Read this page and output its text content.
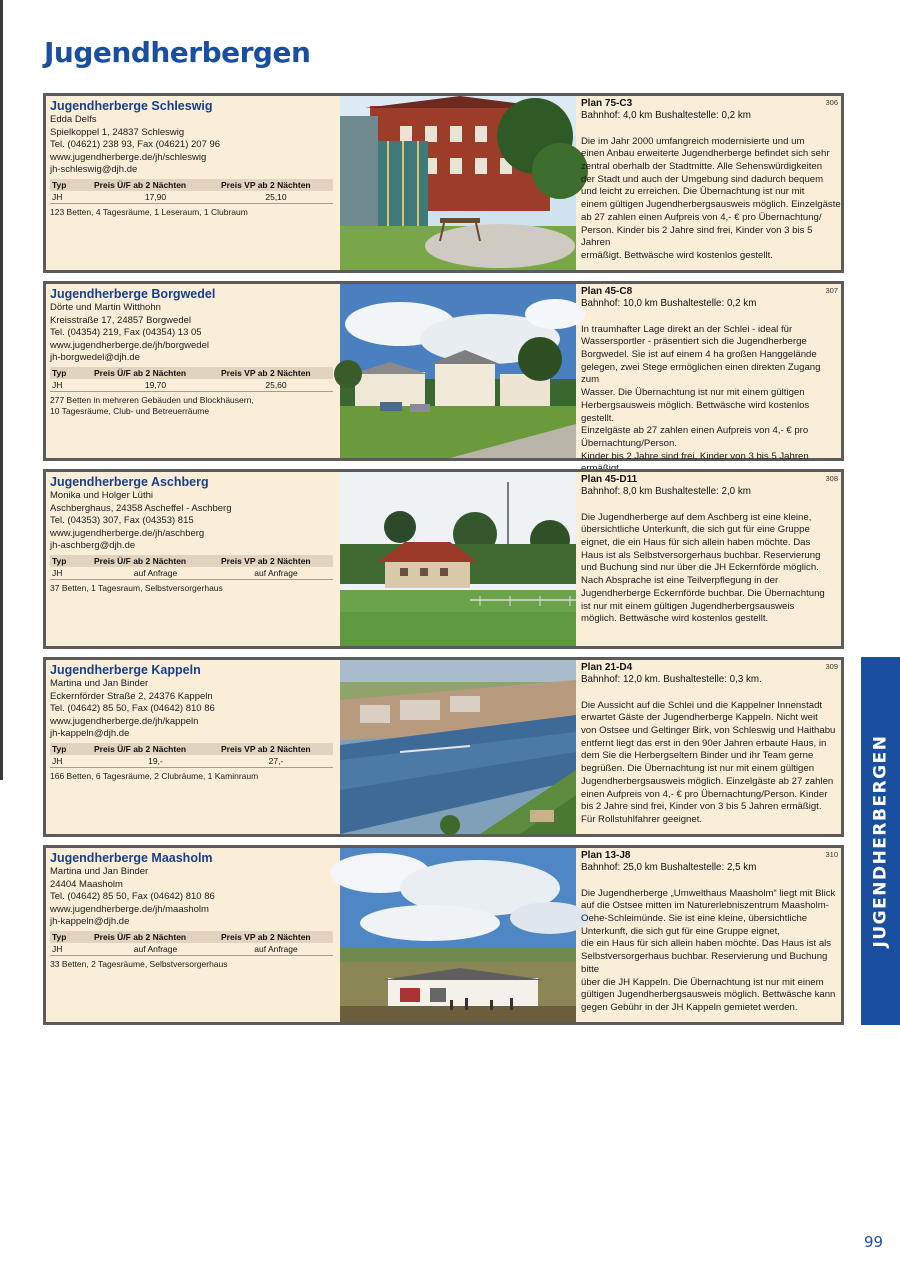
Jugendherbergen
Jugendherberge Schleswig
Edda Delfs
Spielkoppel 1, 24837 Schleswig
Tel. (04621) 238 93, Fax (04621) 207 96
www.jugendherberge.de/jh/schleswig
jh-schleswig@djh.de
Typ	Preis Ü/F ab 2 Nächten	Preis VP ab 2 Nächten
JH	17,90	25,10
123 Betten, 4 Tagesräume, 1 Leseraum, 1 Clubraum
Plan 75-C3
Bahnhof: 4,0 km Bushaltestelle: 0,2 km
Die im Jahr 2000 umfangreich modernisierte und um
einen Anbau erweiterte Jugendherberge befindet sich sehr
zentral oberhalb der Stadtmitte. Alle Sehenswürdigkeiten
der Stadt und auch der Umgebung sind dadurch bequem
und leicht zu erreichen. Die Übernachtung ist nur mit
einem gültigen Jugendherbergsausweis möglich. Einzelgäste
ab 27 zahlen einen Aufpreis von 4,- € pro Übernachtung/
Person. Kinder bis 2 Jahre sind frei, Kinder von 3 bis 5 Jahren
ermäßigt. Bettwäsche wird kostenlos gestellt.
306
Jugendherberge Borgwedel
Dörte und Martin Witthohn
Kreisstraße 17, 24857 Borgwedel
Tel. (04354) 219, Fax (04354) 13 05
www.jugendherberge.de/jh/borgwedel
jh-borgwedel@djh.de
Typ	Preis Ü/F ab 2 Nächten	Preis VP ab 2 Nächten
JH	19,70	25,60
277 Betten in mehreren Gebäuden und Blockhäusern,
10 Tagesräume, Club- und Betreuerräume
Plan 45-C8
Bahnhof: 10,0 km Bushaltestelle: 0,2 km
In traumhafter Lage direkt an der Schlei - ideal für
Wassersportler - präsentiert sich die Jugendherberge
Borgwedel. Sie ist auf einem 4 ha großen Hanggelände
gelegen, zwei Stege ermöglichen einen direkten Zugang zum
Wasser. Die Übernachtung ist nur mit einem gültigen
Herbergsausweis möglich. Bettwäsche wird kostenlos gestellt.
Einzelgäste ab 27 zahlen einen Aufpreis von 4,- € pro
Übernachtung/Person.
Kinder bis 2 Jahre sind frei, Kinder von 3 bis 5 Jahren
307
Jugendherberge Aschberg
Monika und Holger Lüthi
Aschberghaus, 24358 Ascheffel - Aschberg
Tel. (04353) 307, Fax (04353) 815
www.jugendherberge.de/jh/aschberg
jh-aschberg@djh.de
Typ	Preis Ü/F ab 2 Nächten	Preis VP ab 2 Nächten
JH	auf Anfrage	auf Anfrage
37 Betten, 1 Tagesraum, Selbstversorgerhaus
Plan 45-D11
Bahnhof: 8,0 km Bushaltestelle: 2,0 km
Die Jugendherberge auf dem Aschberg ist eine kleine,
übersichtliche Unterkunft, die sich gut für eine Gruppe
eignet, die ein Haus für sich allein haben möchte. Das
Haus ist als Selbstversorgerhaus buchbar. Reservierung
und Buchung sind nur über die JH Eckernförde möglich.
Nach Absprache ist eine Teilverpflegung in der
Jugendherberge Eckernförde buchbar. Die Übernachtung
ist nur mit einem gültigen Jugendherbergsausweis
möglich. Bettwäsche wird kostenlos gestellt.
308
Jugendherberge Kappeln
Martina und Jan Binder
Eckernförder Straße 2, 24376 Kappeln
Tel. (04642) 85 50, Fax (04642) 810 86
www.jugendherberge.de/jh/kappeln
jh-kappeln@djh.de
Typ	Preis Ü/F ab 2 Nächten	Preis VP ab 2 Nächten
JH	19,-	27,-
166 Betten, 6 Tagesräume, 2 Clubräume, 1 Kaminraum
Plan 21-D4
Bahnhof: 12,0 km. Bushaltestelle: 0,3 km.
Die Aussicht auf die Schlei und die Kappelner Innenstadt
erwartet Gäste der Jugendherberge Kappeln. Nicht weit
von Ostsee und Geltinger Birk, von Schleswig und Haithabu
entfernt liegt das erst in den 90er Jahren erbaute Haus, in
dem Sie die Herbergseltern Binder und ihr Team gerne
begrüßen. Die Übernachtung ist nur mit einem gültigen
Jugendherbergsausweis möglich. Einzelgäste ab 27 zahlen
einen Aufpreis von 4,- € pro Übernachtung/Person. Kinder
bis 2 Jahre sind frei, Kinder von 3 bis 5 Jahren ermäßigt.
Für Rollstuhlfahrer geeignet.
309
Jugendherberge Maasholm
Martina und Jan Binder
24404 Maasholm
Tel. (04642) 85 50, Fax (04642) 810 86
www.jugendherberge.de/jh/maasholm
jh-kappeln@djh.de
Typ	Preis Ü/F ab 2 Nächten	Preis VP ab 2 Nächten
JH	auf Anfrage	auf Anfrage
33 Betten, 2 Tagesräume, Selbstversorgerhaus
Plan 13-J8
Bahnhof: 25,0 km Bushaltestelle: 2,5 km
Die Jugendherberge „Umwelthaus Maasholm“ liegt mit Blick
auf die Ostsee mitten im Naturerlebniszentrum Maasholm-
Oehe-Schleimünde. Sie ist eine kleine, übersichtliche
Unterkunft, die sich gut für eine Gruppe eignet,
die ein Haus für sich allein haben möchte. Das Haus ist als
Selbstversorgerhaus buchbar. Reservierung und Buchung bitte
über die JH Kappeln. Die Übernachtung ist nur mit einem
gültigen Jugendherbergsausweis möglich. Bettwäsche kann
gegen Gebühr in der JH Kappeln gemietet werden.
310 JUGENDHERBERGEN
99
